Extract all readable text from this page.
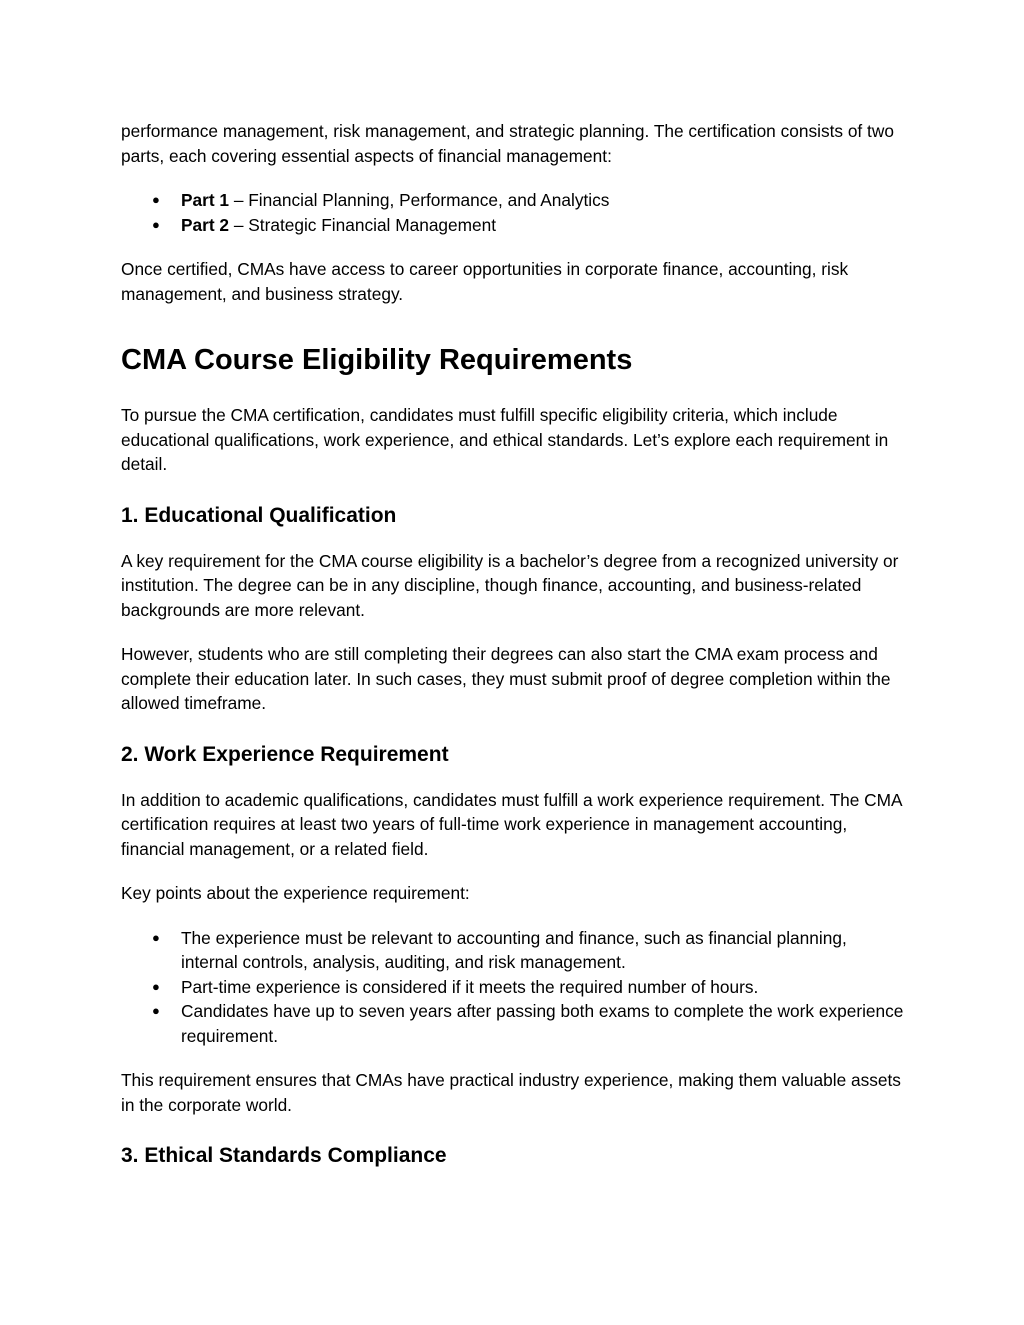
performance management, risk management, and strategic planning. The certification consists of two parts, each covering essential aspects of financial management:

● Part 1 – Financial Planning, Performance, and Analytics
● Part 2 – Strategic Financial Management

Once certified, CMAs have access to career opportunities in corporate finance, accounting, risk management, and business strategy.

CMA Course Eligibility Requirements

To pursue the CMA certification, candidates must fulfill specific eligibility criteria, which include educational qualifications, work experience, and ethical standards. Let’s explore each requirement in detail.

1. Educational Qualification

A key requirement for the CMA course eligibility is a bachelor’s degree from a recognized university or institution. The degree can be in any discipline, though finance, accounting, and business-related backgrounds are more relevant.

However, students who are still completing their degrees can also start the CMA exam process and complete their education later. In such cases, they must submit proof of degree completion within the allowed timeframe.

2. Work Experience Requirement

In addition to academic qualifications, candidates must fulfill a work experience requirement. The CMA certification requires at least two years of full-time work experience in management accounting, financial management, or a related field.

Key points about the experience requirement:

● The experience must be relevant to accounting and finance, such as financial planning, internal controls, analysis, auditing, and risk management.
● Part-time experience is considered if it meets the required number of hours.
● Candidates have up to seven years after passing both exams to complete the work experience requirement.

This requirement ensures that CMAs have practical industry experience, making them valuable assets in the corporate world.

3. Ethical Standards Compliance
